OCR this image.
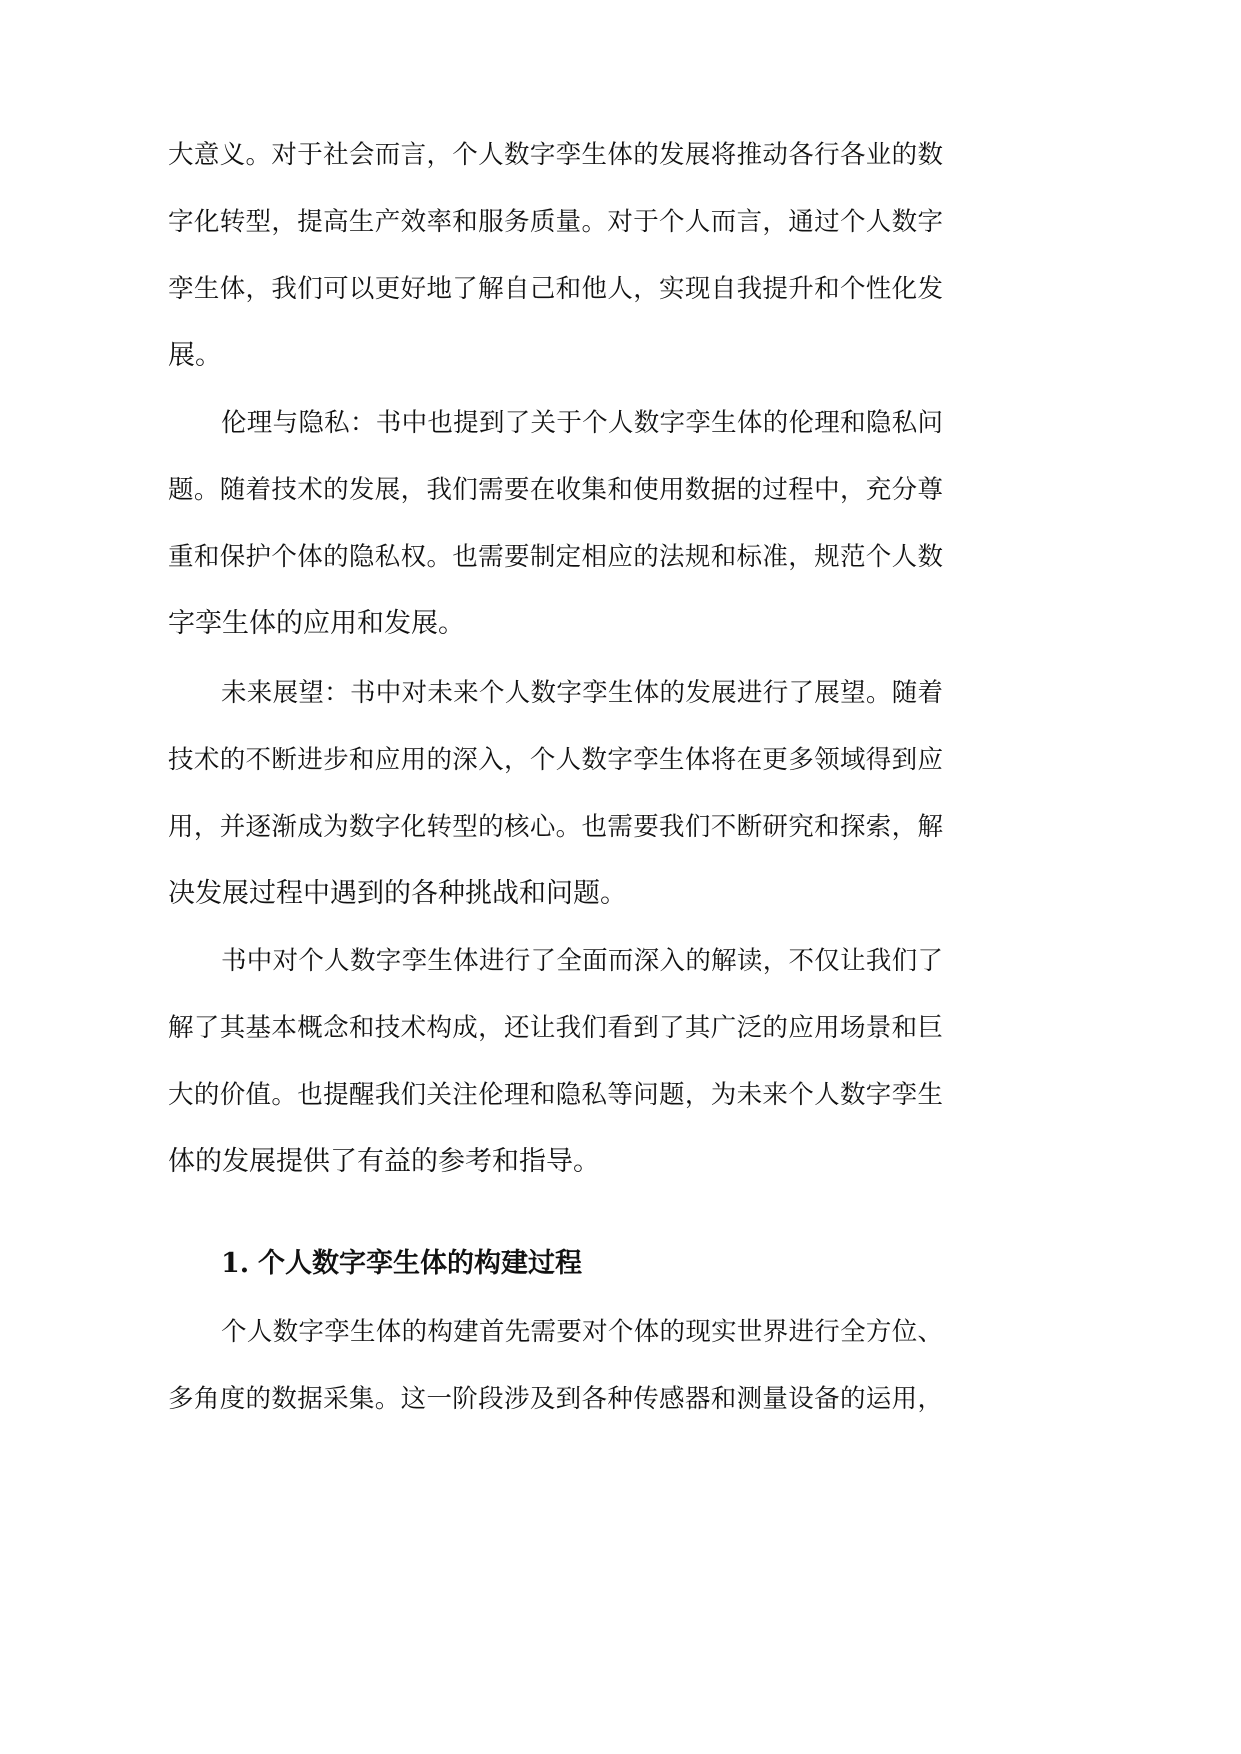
大意义。对于社会而言，个人数字孪生体的发展将推动各行各业的数
字化转型，提高生产效率和服务质量。对于个人而言，通过个人数字
孪生体，我们可以更好地了解自己和他人，实现自我提升和个性化发
展。
伦理与隐私：书中也提到了关于个人数字孪生体的伦理和隐私问
题。随着技术的发展，我们需要在收集和使用数据的过程中，充分尊
重和保护个体的隐私权。也需要制定相应的法规和标准，规范个人数
字孪生体的应用和发展。
未来展望：书中对未来个人数字孪生体的发展进行了展望。随着
技术的不断进步和应用的深入，个人数字孪生体将在更多领域得到应
用，并逐渐成为数字化转型的核心。也需要我们不断研究和探索，解
决发展过程中遇到的各种挑战和问题。
书中对个人数字孪生体进行了全面而深入的解读，不仅让我们了
解了其基本概念和技术构成，还让我们看到了其广泛的应用场景和巨
大的价值。也提醒我们关注伦理和隐私等问题，为未来个人数字孪生
体的发展提供了有益的参考和指导。
1. 个人数字孪生体的构建过程
个人数字孪生体的构建首先需要对个体的现实世界进行全方位、
多角度的数据采集。这一阶段涉及到各种传感器和测量设备的运用，
